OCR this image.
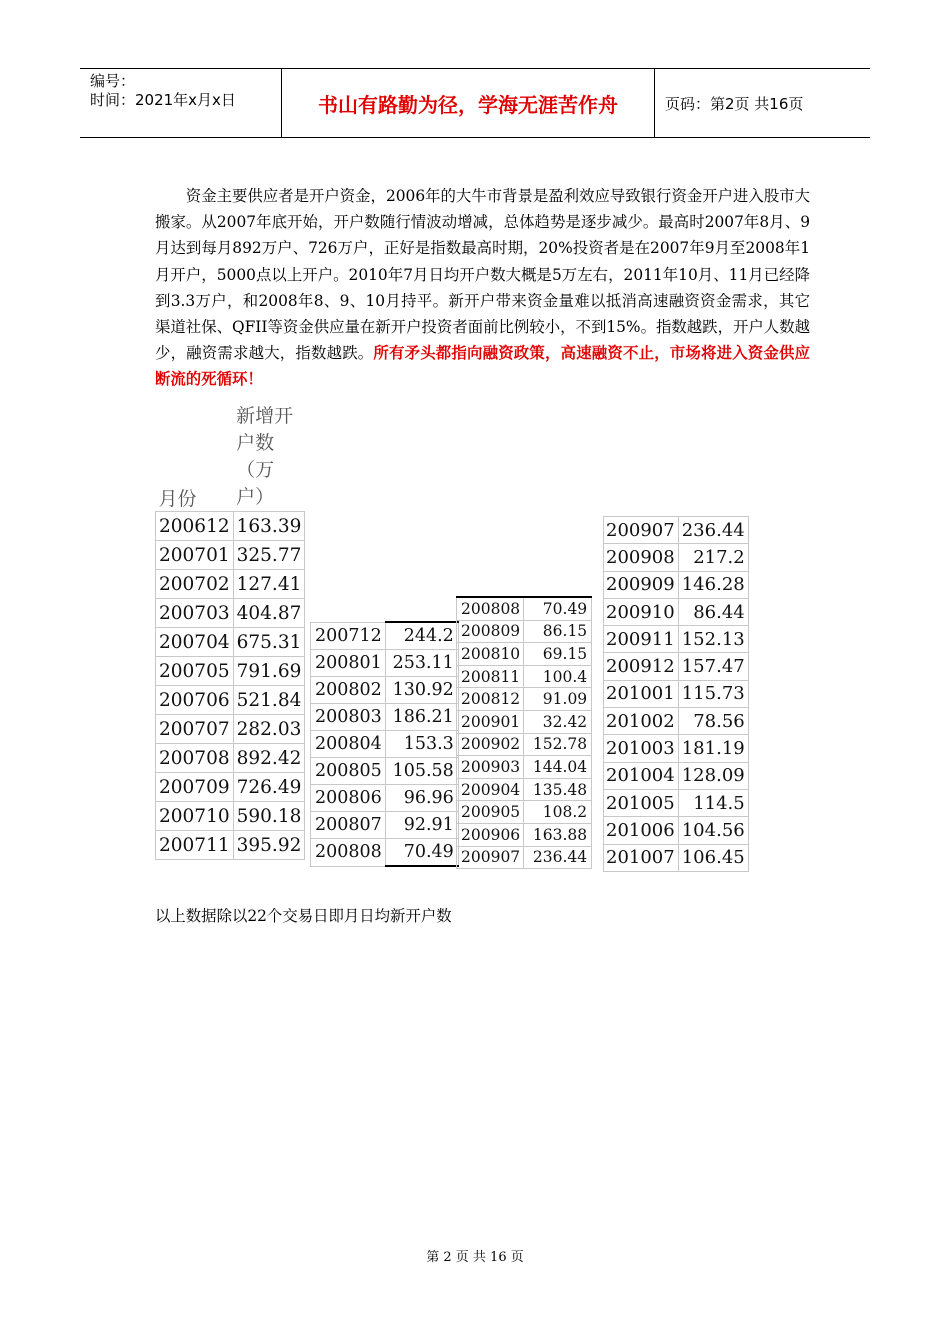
编号：
时间：2021年x月x日	书山有路勤为径，学海无涯苦作舟	页码：第2页 共16页
资金主要供应者是开户资金，2006年的大牛市背景是盈利效应导致银行资金开户进入股市大搬家。从2007年底开始，开户数随行情波动增减，总体趋势是逐步减少。最高时2007年8月、9月达到每月892万户、726万户，正好是指数最高时期，20%投资者是在2007年9月至2008年1月开户，5000点以上开户。2010年7月日均开户数大概是5万左右，2011年10月、11月已经降到3.3万户，和2008年8、9、10月持平。新开户带来资金量难以抵消高速融资资金需求，其它渠道社保、QFII等资金供应量在新开户投资者面前比例较小，不到15%。指数越跌，开户人数越少，融资需求越大，指数越跌。所有矛头都指向融资政策，高速融资不止，市场将进入资金供应断流的死循环！
月份	新增开
户数
（万
户）

200612	163.39
200701	325.77
200702	127.41
200703	404.87
200704	675.31
200705	791.69
200706	521.84
200707	282.03
200708	892.42
200709	726.49
200710	590.18
200711	395.92
200712	244.2
200801	253.11
200802	130.92
200803	186.21
200804	153.3
200805	105.58
200806	96.96
200807	92.91
200808	70.49
200808	70.49
200809	86.15
200810	69.15
200811	100.4
200812	91.09
200901	32.42
200902	152.78
200903	144.04
200904	135.48
200905	108.2
200906	163.88
200907	236.44
200907	236.44
200908	217.2
200909	146.28
200910	86.44
200911	152.13
200912	157.47
201001	115.73
201002	78.56
201003	181.19
201004	128.09
201005	114.5
201006	104.56
201007	106.45
以上数据除以22个交易日即月日均新开户数
第 2 页 共 16 页
